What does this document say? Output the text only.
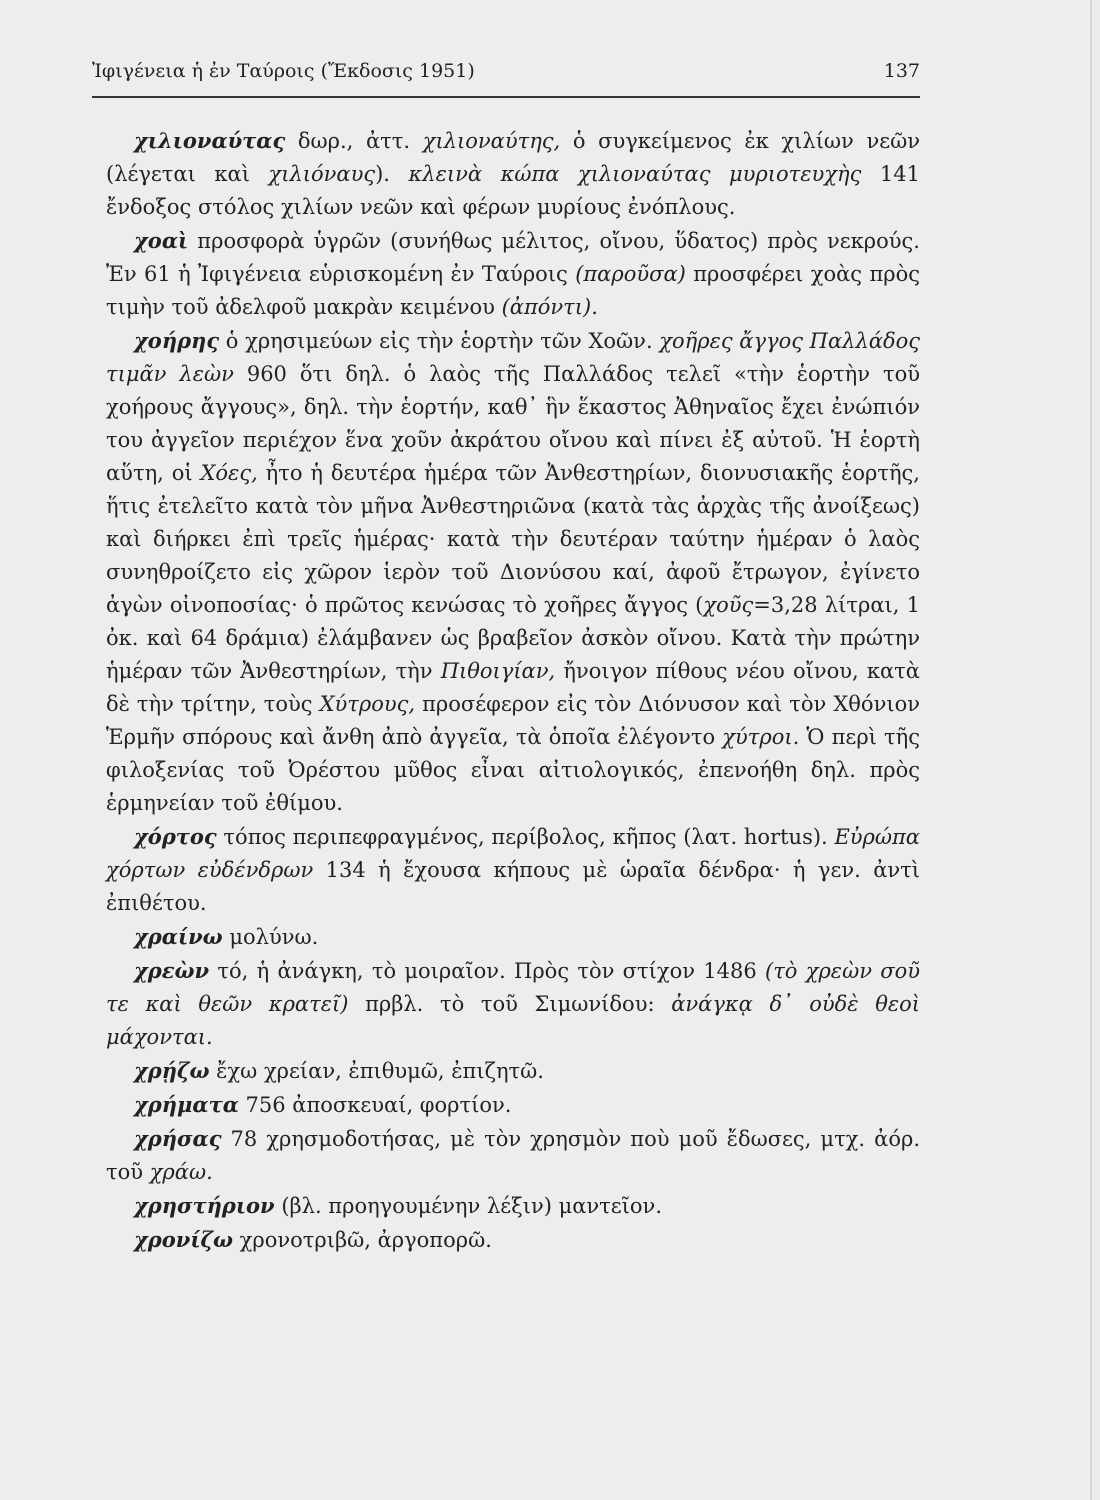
Ἰφιγένεια ἡ ἐν Ταύροις (Ἔκδοσις 1951)	137

χιλιοναύτας δωρ., ἀττ. χιλιοναύτης, ὁ συγκείμενος ἐκ χιλίων νεῶν (λέγεται καὶ χιλιόναυς). κλεινὰ κώπα χιλιοναύτας μυριοτευχὴς 141 ἔνδοξος στόλος χιλίων νεῶν καὶ φέρων μυρίους ἐνόπλους.

χοαὶ προσφορὰ ὑγρῶν (συνήθως μέλιτος, οἴνου, ὕδατος) πρὸς νεκρούς. Ἐν 61 ἡ Ἰφιγένεια εὑρισκομένη ἐν Ταύροις (παροῦσα) προσφέρει χοὰς πρὸς τιμὴν τοῦ ἀδελφοῦ μακρὰν κειμένου (ἀπόντι).

χοήρης ὁ χρησιμεύων εἰς τὴν ἑορτὴν τῶν Χοῶν. χοῆρες ἄγγος Παλλάδος τιμᾶν λεὼν 960 ὅτι δηλ. ὁ λαὸς τῆς Παλλάδος τελεῖ «τὴν ἑορτὴν τοῦ χοήρους ἄγγους», δηλ. τὴν ἑορτήν, καθ᾽ ἣν ἕκαστος Ἀθηναῖος ἔχει ἐνώπιόν του ἀγγεῖον περιέχον ἕνα χοῦν ἀκράτου οἴνου καὶ πίνει ἐξ αὐτοῦ. Ἡ ἑορτὴ αὕτη, οἱ Χόες, ἦτο ἡ δευτέρα ἡμέρα τῶν Ἀνθεστηρίων, διονυσιακῆς ἑορτῆς, ἥτις ἐτελεῖτο κατὰ τὸν μῆνα Ἀνθεστηριῶνα (κατὰ τὰς ἀρχὰς τῆς ἀνοίξεως) καὶ διήρκει ἐπὶ τρεῖς ἡμέρας· κατὰ τὴν δευτέραν ταύτην ἡμέραν ὁ λαὸς συνηθροίζετο εἰς χῶρον ἱερὸν τοῦ Διονύσου καί, ἀφοῦ ἔτρωγον, ἐγίνετο ἀγὼν οἰνοποσίας· ὁ πρῶτος κενώσας τὸ χοῆρες ἄγγος (χοῦς=3,28 λίτραι, 1 ὀκ. καὶ 64 δράμια) ἐλάμβανεν ὡς βραβεῖον ἀσκὸν οἴνου. Κατὰ τὴν πρώτην ἡμέραν τῶν Ἀνθεστηρίων, τὴν Πιθοιγίαν, ἤνοιγον πίθους νέου οἴνου, κατὰ δὲ τὴν τρίτην, τοὺς Χύτρους, προσέφερον εἰς τὸν Διόνυσον καὶ τὸν Χθόνιον Ἑρμῆν σπόρους καὶ ἄνθη ἀπὸ ἀγγεῖα, τὰ ὁποῖα ἐλέγοντο χύτροι. Ὁ περὶ τῆς φιλοξενίας τοῦ Ὀρέστου μῦθος εἶναι αἰτιολογικός, ἐπενοήθη δηλ. πρὸς ἑρμηνείαν τοῦ ἐθίμου.

χόρτος τόπος περιπεφραγμένος, περίβολος, κῆπος (λατ. hortus). Εὐρώπα χόρτων εὐδένδρων 134 ἡ ἔχουσα κήπους μὲ ὡραῖα δένδρα· ἡ γεν. ἀντὶ ἐπιθέτου.

χραίνω μολύνω.

χρεὼν τό, ἡ ἀνάγκη, τὸ μοιραῖον. Πρὸς τὸν στίχον 1486 (τὸ χρεὼν σοῦ τε καὶ θεῶν κρατεῖ) πρβλ. τὸ τοῦ Σιμωνίδου: ἀνάγκᾳ δ᾽ οὐδὲ θεοὶ μάχονται.

χρῄζω ἔχω χρείαν, ἐπιθυμῶ, ἐπιζητῶ.

χρήματα 756 ἀποσκευαί, φορτίον.

χρήσας 78 χρησμοδοτήσας, μὲ τὸν χρησμὸν ποὺ μοῦ ἔδωσες, μτχ. ἀόρ. τοῦ χράω.

χρηστήριον (βλ. προηγουμένην λέξιν) μαντεῖον.

χρονίζω χρονοτριβῶ, ἀργοπορῶ.
